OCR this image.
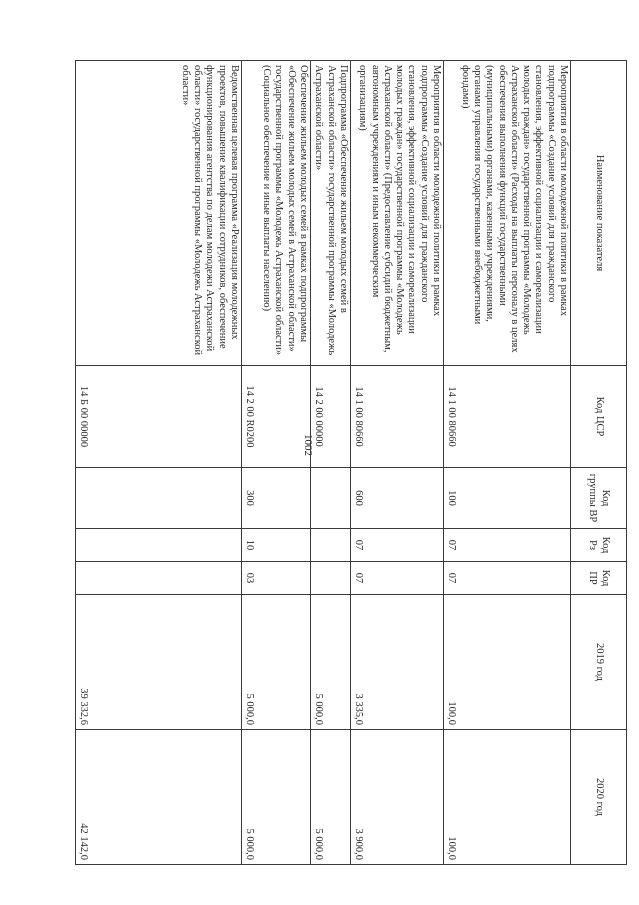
1002
Наименование показателя	Код ЦСР	Код группы ВР	Код Рз	Код ПР	2019 год	2020 год
Мероприятия в области молодежной политики в рамках подпрограммы «Создание условий для гражданского становления, эффективной социализации и самореализации молодых граждан» государственной программы «Молодежь Астраханской области» (Расходы на выплаты персоналу в целях обеспечения выполнения функций государственными (муниципальными) органами, казенными учреждениями, органами управления государственными внебюджетными фондами)	14 1 00 80660	100	07	07	100,0	100,0
Мероприятия в области молодежной политики в рамках подпрограммы «Создание условий для гражданского становления, эффективной социализации и самореализации молодых граждан» государственной программы «Молодежь Астраханской области» (Предоставление субсидий бюджетным, автономным учреждениям и иным некоммерческим организациям)	14 1 00 80660	600	07	07	3 335,0	3 900,0
Подпрограмма «Обеспечение жильем молодых семей в Астраханской области» государственной программы «Молодежь Астраханской области»	14 2 00 00000				5 000,0	5 000,0
Обеспечение жильем молодых семей в рамках подпрограммы «Обеспечение жильем молодых семей в Астраханской области» государственной программы «Молодежь Астраханской области» (Социальное обеспечение и иные выплаты населению)	14 2 00 R0200	300	10	03	5 000,0	5 000,0
Ведомственная целевая программа «Реализация молодежных проектов, повышение квалификации сотрудников, обеспечение функционирования агентства по делам молодежи Астраханской области» государственной программы «Молодежь Астраханской области»	14 Б 00 00000				39 332,6	42 142,0
